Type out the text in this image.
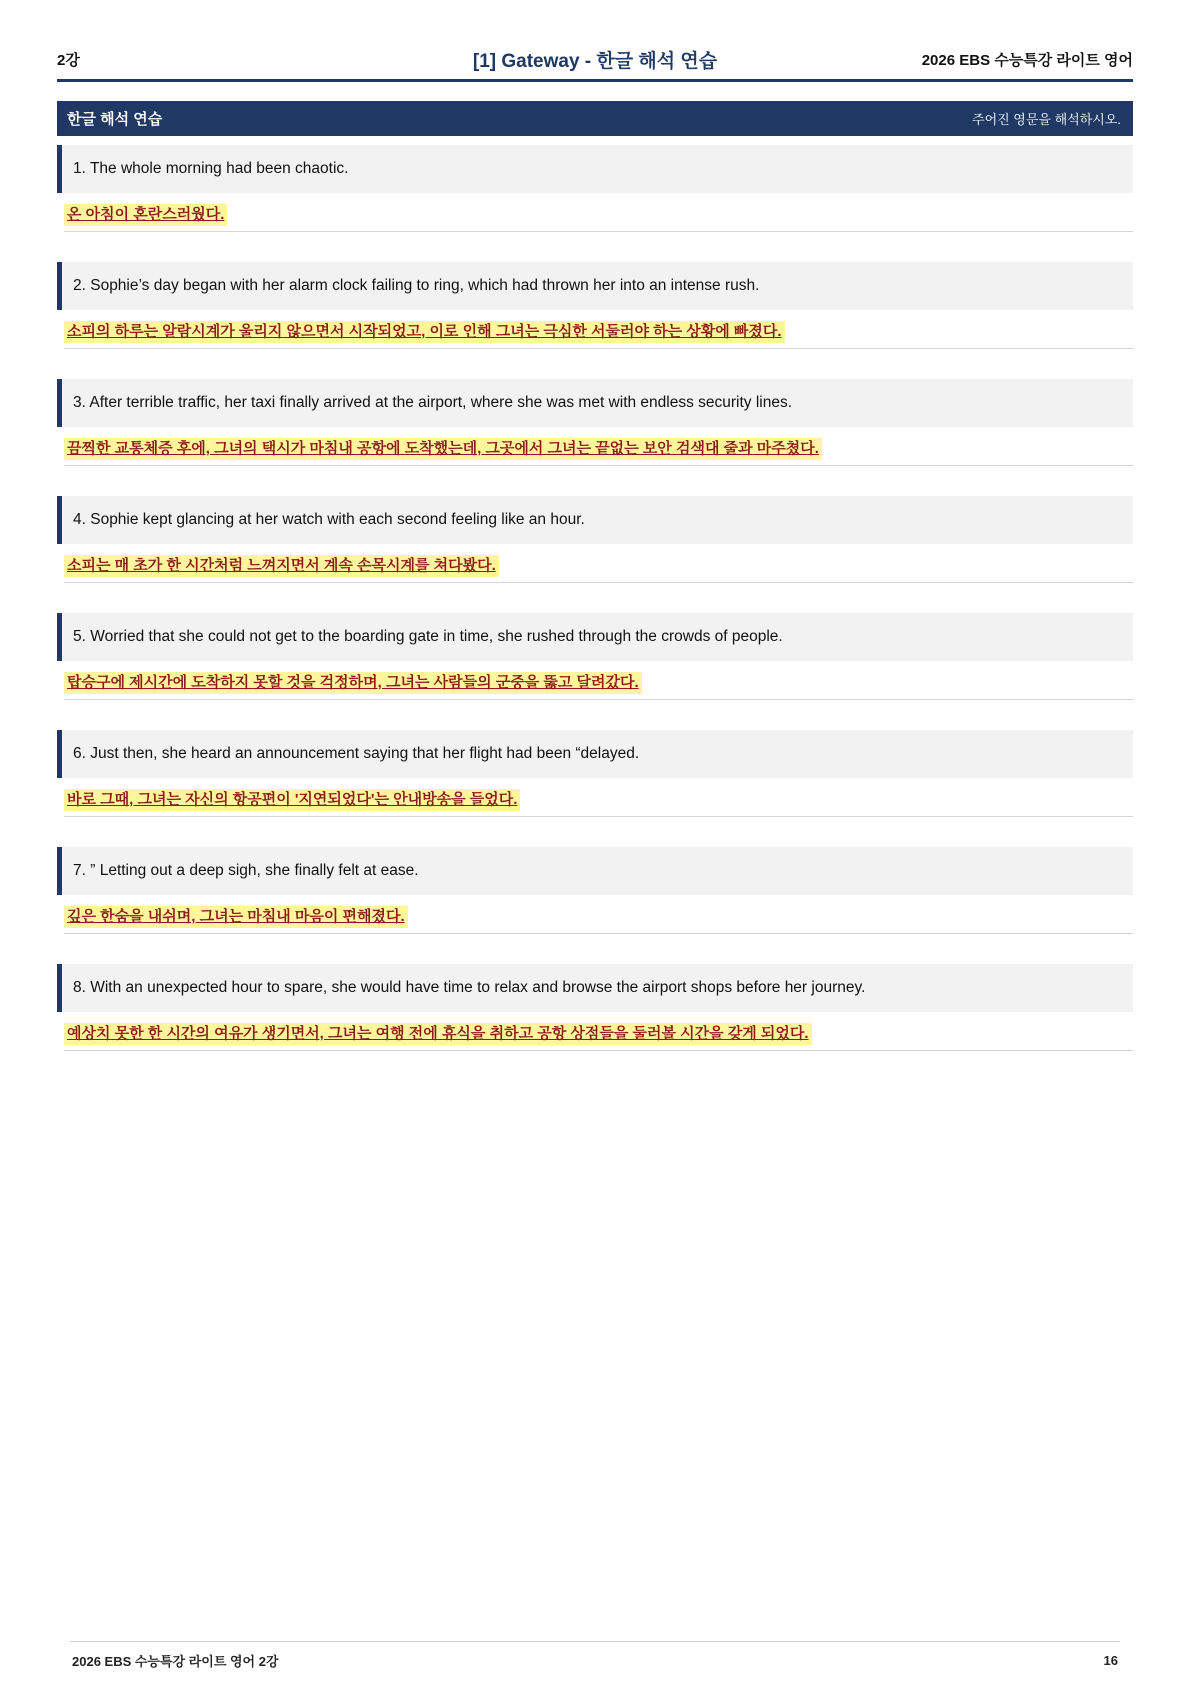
2강	[1] Gateway - 한글 해석 연습	2026 EBS 수능특강 라이트 영어
한글 해석 연습	주어진 영문을 해석하시오.
1. The whole morning had been chaotic.
온 아침이 혼란스러웠다.
2. Sophie’s day began with her alarm clock failing to ring, which had thrown her into an intense rush.
소피의 하루는 알람시계가 울리지 않으면서 시작되었고, 이로 인해 그녀는 극심한 서둘러야 하는 상황에 빠졌다.
3. After terrible traffic, her taxi finally arrived at the airport, where she was met with endless security lines.
끔찍한 교통체증 후에, 그녀의 택시가 마침내 공항에 도착했는데, 그곳에서 그녀는 끝없는 보안 검색대 줄과 마주쳤다.
4. Sophie kept glancing at her watch with each second feeling like an hour.
소피는 매 초가 한 시간처럼 느껴지면서 계속 손목시계를 쳐다봤다.
5. Worried that she could not get to the boarding gate in time, she rushed through the crowds of people.
탑승구에 제시간에 도착하지 못할 것을 걱정하며, 그녀는 사람들의 군중을 뚫고 달려갔다.
6. Just then, she heard an announcement saying that her flight had been “delayed.
바로 그때, 그녀는 자신의 항공편이 '지연되었다'는 안내방송을 들었다.
7. ” Letting out a deep sigh, she finally felt at ease.
깊은 한숨을 내쉬며, 그녀는 마침내 마음이 편해졌다.
8. With an unexpected hour to spare, she would have time to relax and browse the airport shops before her journey.
예상치 못한 한 시간의 여유가 생기면서, 그녀는 여행 전에 휴식을 취하고 공항 상점들을 둘러볼 시간을 갖게 되었다.
2026 EBS 수능특강 라이트 영어 2강	16
